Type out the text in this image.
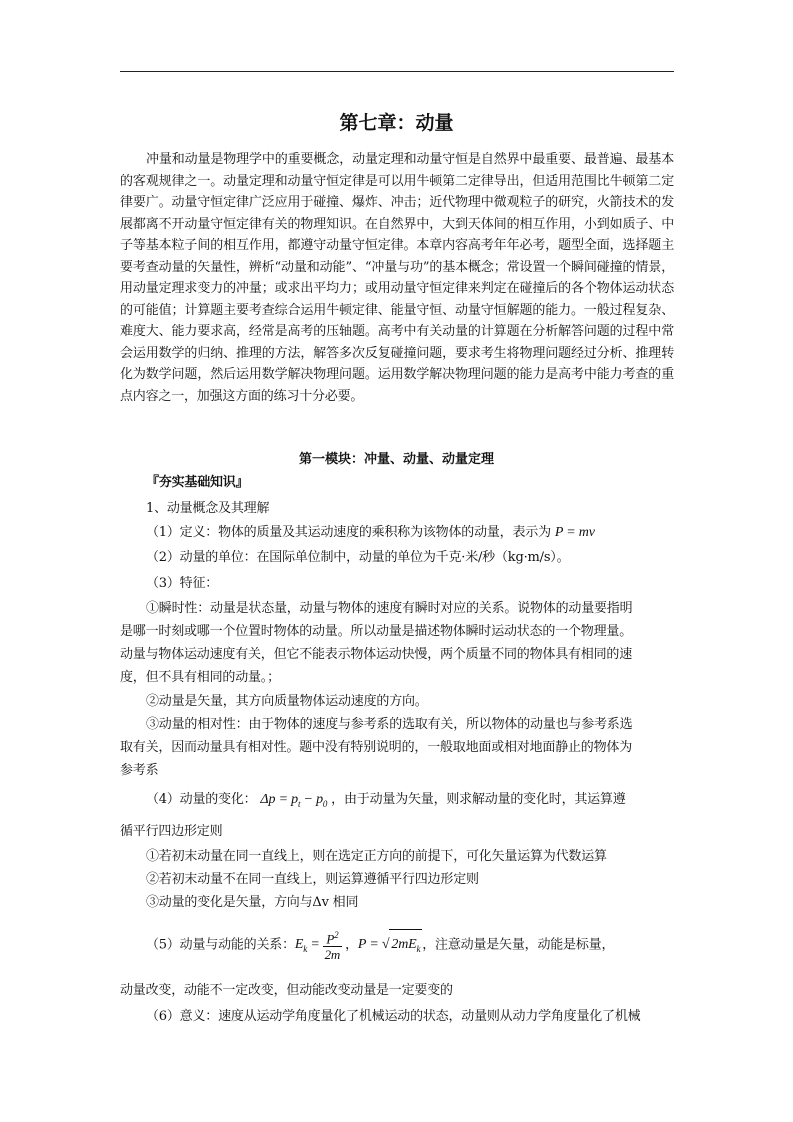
第七章：动量
冲量和动量是物理学中的重要概念，动量定理和动量守恒是自然界中最重要、最普遍、最基本的客观规律之一。动量定理和动量守恒定律是可以用牛顿第二定律导出，但适用范围比牛顿第二定律要广。动量守恒定律广泛应用于碰撞、爆炸、冲击；近代物理中微观粒子的研究，火箭技术的发展都离不开动量守恒定律有关的物理知识。在自然界中，大到天体间的相互作用，小到如质子、中子等基本粒子间的相互作用，都遵守动量守恒定律。本章内容高考年年必考，题型全面，选择题主要考查动量的矢量性，辨析“动量和动能”、“冲量与功”的基本概念；常设置一个瞬间碰撞的情景，用动量定理求变力的冲量；或求出平均力；或用动量守恒定律来判定在碰撞后的各个物体运动状态的可能值；计算题主要考查综合运用牛顿定律、能量守恒、动量守恒解题的能力。一般过程复杂、难度大、能力要求高，经常是高考的压轴题。高考中有关动量的计算题在分析解答问题的过程中常会运用数学的归纳、推理的方法，解答多次反复碰撞问题，要求考生将物理问题经过分析、推理转化为数学问题，然后运用数学解决物理问题。运用数学解决物理问题的能力是高考中能力考查的重点内容之一，加强这方面的练习十分必要。
第一模块：冲量、动量、动量定理
『夯实基础知识』
1、动量概念及其理解
（1）定义：物体的质量及其运动速度的乘积称为该物体的动量，表示为 P = mv
（2）动量的单位：在国际单位制中，动量的单位为千克·米/秒（kg·m/s）。
（3）特征：
①瞬时性：动量是状态量，动量与物体的速度有瞬时对应的关系。说物体的动量要指明
是哪一时刻或哪一个位置时物体的动量。所以动量是描述物体瞬时运动状态的一个物理量。
动量与物体运动速度有关，但它不能表示物体运动快慢，两个质量不同的物体具有相同的速
度，但不具有相同的动量。；
②动量是矢量，其方向质量物体运动速度的方向。
③动量的相对性：由于物体的速度与参考系的选取有关，所以物体的动量也与参考系选
取有关，因而动量具有相对性。题中没有特别说明的，一般取地面或相对地面静止的物体为
参考系
（4）动量的变化： $\Delta p = p_t - p_0$ ，由于动量为矢量，则求解动量的变化时，其运算遵
循平行四边形定则
①若初末动量在同一直线上，则在选定正方向的前提下，可化矢量运算为代数运算
②若初末动量不在同一直线上，则运算遵循平行四边形定则
③动量的变化是矢量，方向与Δv 相同
（5）动量与动能的关系：$E_k = \frac{P^2}{2m}$ ，P = √ $2mE_k$ ，注意动量是矢量，动能是标量，
动量改变，动能不一定改变，但动能改变动量是一定要变的
（6）意义：速度从运动学角度量化了机械运动的状态，动量则从动力学角度量化了机械
